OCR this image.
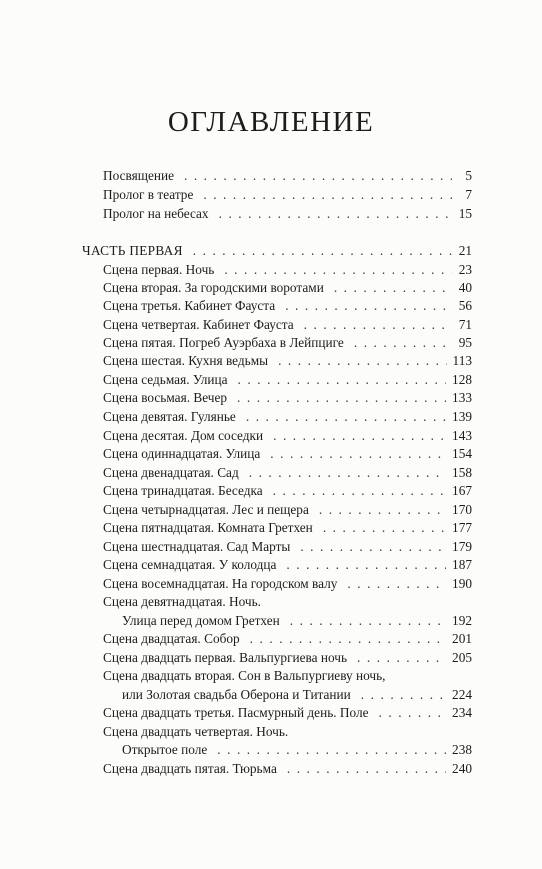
ОГЛАВЛЕНИЕ
Посвящение . . .	5
Пролог в театре . . .	7
Пролог на небесах . . .	15
ЧАСТЬ ПЕРВАЯ . . .	21
Сцена первая. Ночь . . .	23
Сцена вторая. За городскими воротами . . .	40
Сцена третья. Кабинет Фауста . . .	56
Сцена четвертая. Кабинет Фауста . . .	71
Сцена пятая. Погреб Ауэрбаха в Лейпциге . . .	95
Сцена шестая. Кухня ведьмы . . .	113
Сцена седьмая. Улица . . .	128
Сцена восьмая. Вечер . . .	133
Сцена девятая. Гулянье . . .	139
Сцена десятая. Дом соседки . . .	143
Сцена одиннадцатая. Улица . . .	154
Сцена двенадцатая. Сад . . .	158
Сцена тринадцатая. Беседка . . .	167
Сцена четырнадцатая. Лес и пещера . . .	170
Сцена пятнадцатая. Комната Гретхен . . .	177
Сцена шестнадцатая. Сад Марты . . .	179
Сцена семнадцатая. У колодца . . .	187
Сцена восемнадцатая. На городском валу . . .	190
Сцена девятнадцатая. Ночь.
Улица перед домом Гретхен . . .	192
Сцена двадцатая. Собор . . .	201
Сцена двадцать первая. Вальпургиева ночь . . .	205
Сцена двадцать вторая. Сон в Вальпургиеву ночь,
или Золотая свадьба Оберона и Титании . . .	224
Сцена двадцать третья. Пасмурный день. Поле . . .	234
Сцена двадцать четвертая. Ночь.
Открытое поле . . .	238
Сцена двадцать пятая. Тюрьма . . .	240
